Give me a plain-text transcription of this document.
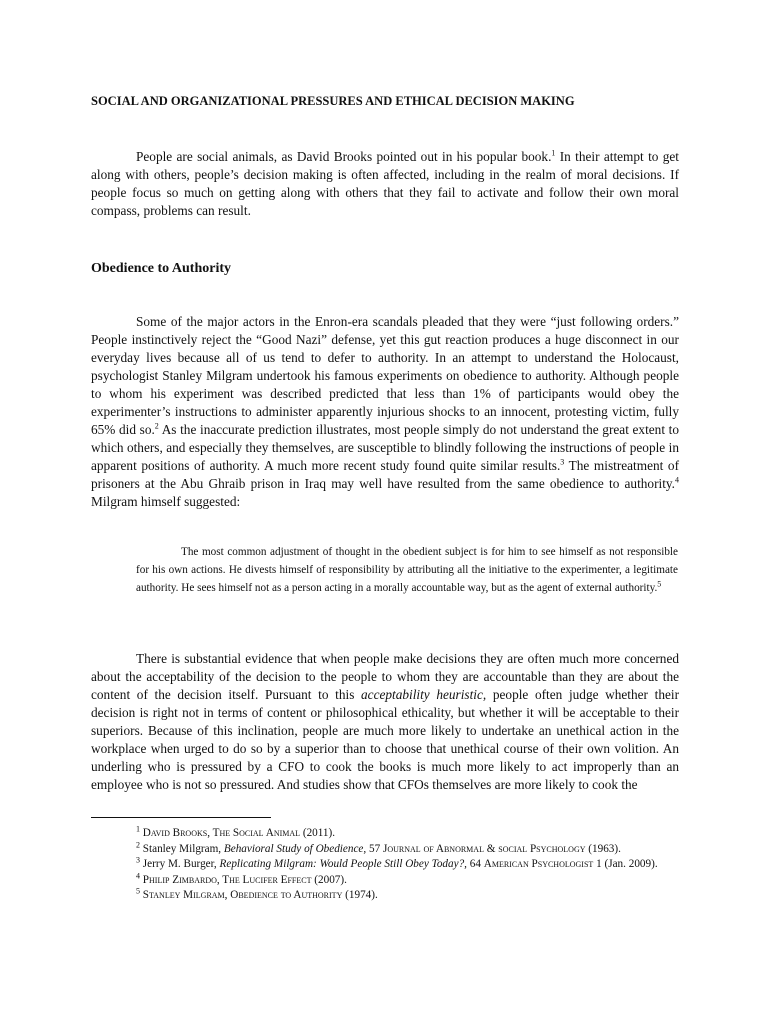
SOCIAL AND ORGANIZATIONAL PRESSURES AND ETHICAL DECISION MAKING

People are social animals, as David Brooks pointed out in his popular book.$^1$ In their attempt to get along with others, people’s decision making is often affected, including in the realm of moral decisions. If people focus so much on getting along with others that they fail to activate and follow their own moral compass, problems can result.

Obedience to Authority

Some of the major actors in the Enron-era scandals pleaded that they were “just following orders.” People instinctively reject the “Good Nazi” defense, yet this gut reaction produces a huge disconnect in our everyday lives because all of us tend to defer to authority. In an attempt to understand the Holocaust, psychologist Stanley Milgram undertook his famous experiments on obedience to authority. Although people to whom his experiment was described predicted that less than 1% of participants would obey the experimenter’s instructions to administer apparently injurious shocks to an innocent, protesting victim, fully 65% did so.$^2$ As the inaccurate prediction illustrates, most people simply do not understand the great extent to which others, and especially they themselves, are susceptible to blindly following the instructions of people in apparent positions of authority. A much more recent study found quite similar results.$^3$ The mistreatment of prisoners at the Abu Ghraib prison in Iraq may well have resulted from the same obedience to authority.$^4$ Milgram himself suggested:

The most common adjustment of thought in the obedient subject is for him to see himself as not responsible for his own actions. He divests himself of responsibility by attributing all the initiative to the experimenter, a legitimate authority. He sees himself not as a person acting in a morally accountable way, but as the agent of external authority.$^5$

There is substantial evidence that when people make decisions they are often much more concerned about the acceptability of the decision to the people to whom they are accountable than they are about the content of the decision itself. Pursuant to this acceptability heuristic, people often judge whether their decision is right not in terms of content or philosophical ethicality, but whether it will be acceptable to their superiors. Because of this inclination, people are much more likely to undertake an unethical action in the workplace when urged to do so by a superior than to choose that unethical course of their own volition. An underling who is pressured by a CFO to cook the books is much more likely to act improperly than an employee who is not so pressured. And studies show that CFOs themselves are more likely to cook the

$^1$ David Brooks, The Social Animal (2011).

$^2$ Stanley Milgram, Behavioral Study of Obedience, 57 Journal of Abnormal & social Psychology (1963).

$^3$ Jerry M. Burger, Replicating Milgram: Would People Still Obey Today?, 64 American Psychologist 1 (Jan. 2009).

$^4$ Philip Zimbardo, The Lucifer Effect (2007).

$^5$ Stanley Milgram, Obedience to Authority (1974).
